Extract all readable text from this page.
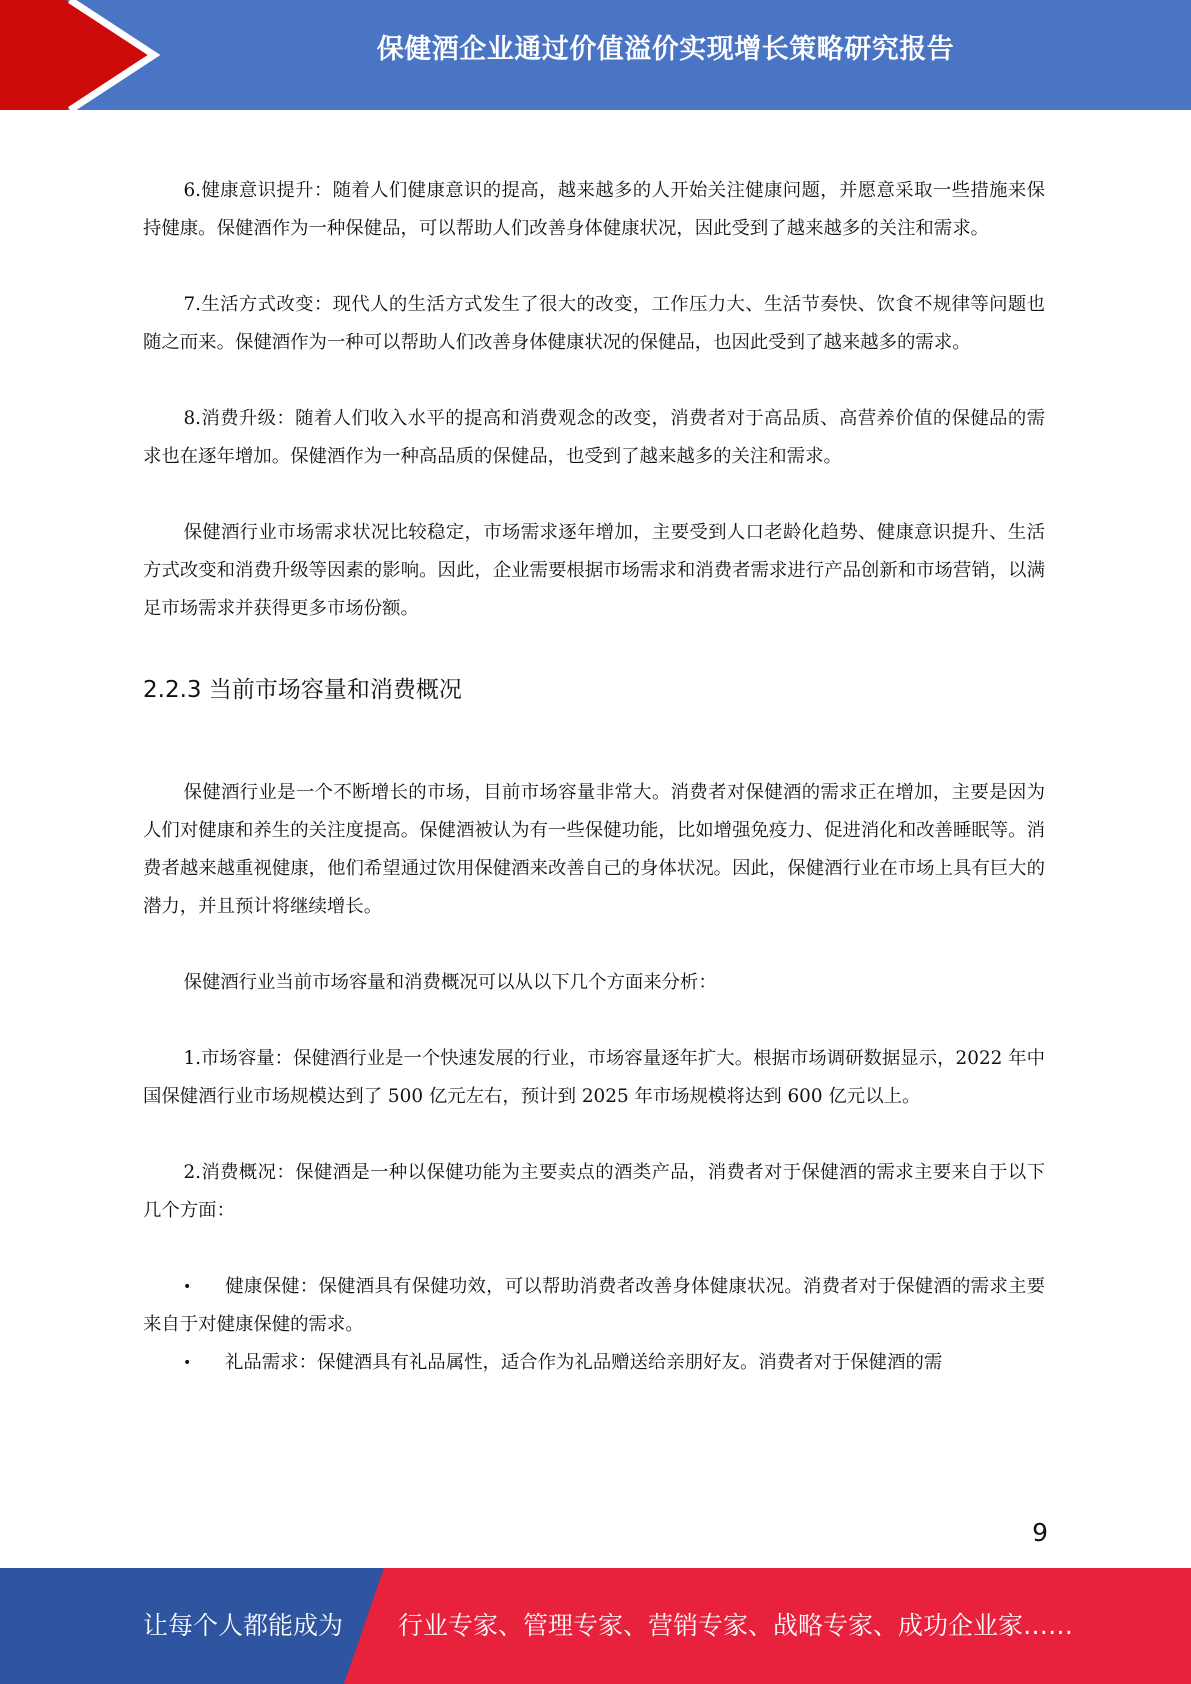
保健酒企业通过价值溢价实现增长策略研究报告

6.健康意识提升：随着人们健康意识的提高，越来越多的人开始关注健康问题，并愿意采取一些措施来保持健康。保健酒作为一种保健品，可以帮助人们改善身体健康状况，因此受到了越来越多的关注和需求。

7.生活方式改变：现代人的生活方式发生了很大的改变，工作压力大、生活节奏快、饮食不规律等问题也随之而来。保健酒作为一种可以帮助人们改善身体健康状况的保健品，也因此受到了越来越多的需求。

8.消费升级：随着人们收入水平的提高和消费观念的改变，消费者对于高品质、高营养价值的保健品的需求也在逐年增加。保健酒作为一种高品质的保健品，也受到了越来越多的关注和需求。

保健酒行业市场需求状况比较稳定，市场需求逐年增加，主要受到人口老龄化趋势、健康意识提升、生活方式改变和消费升级等因素的影响。因此，企业需要根据市场需求和消费者需求进行产品创新和市场营销，以满足市场需求并获得更多市场份额。

2.2.3 当前市场容量和消费概况

保健酒行业是一个不断增长的市场，目前市场容量非常大。消费者对保健酒的需求正在增加，主要是因为人们对健康和养生的关注度提高。保健酒被认为有一些保健功能，比如增强免疫力、促进消化和改善睡眠等。消费者越来越重视健康，他们希望通过饮用保健酒来改善自己的身体状况。因此，保健酒行业在市场上具有巨大的潜力，并且预计将继续增长。

保健酒行业当前市场容量和消费概况可以从以下几个方面来分析：

1.市场容量：保健酒行业是一个快速发展的行业，市场容量逐年扩大。根据市场调研数据显示，2022 年中国保健酒行业市场规模达到了 500 亿元左右，预计到 2025 年市场规模将达到 600 亿元以上。

2.消费概况：保健酒是一种以保健功能为主要卖点的酒类产品，消费者对于保健酒的需求主要来自于以下几个方面：

• 健康保健：保健酒具有保健功效，可以帮助消费者改善身体健康状况。消费者对于保健酒的需求主要来自于对健康保健的需求。
• 礼品需求：保健酒具有礼品属性，适合作为礼品赠送给亲朋好友。消费者对于保健酒的需
9
让每个人都能成为 行业专家、管理专家、营销专家、战略专家、成功企业家……
